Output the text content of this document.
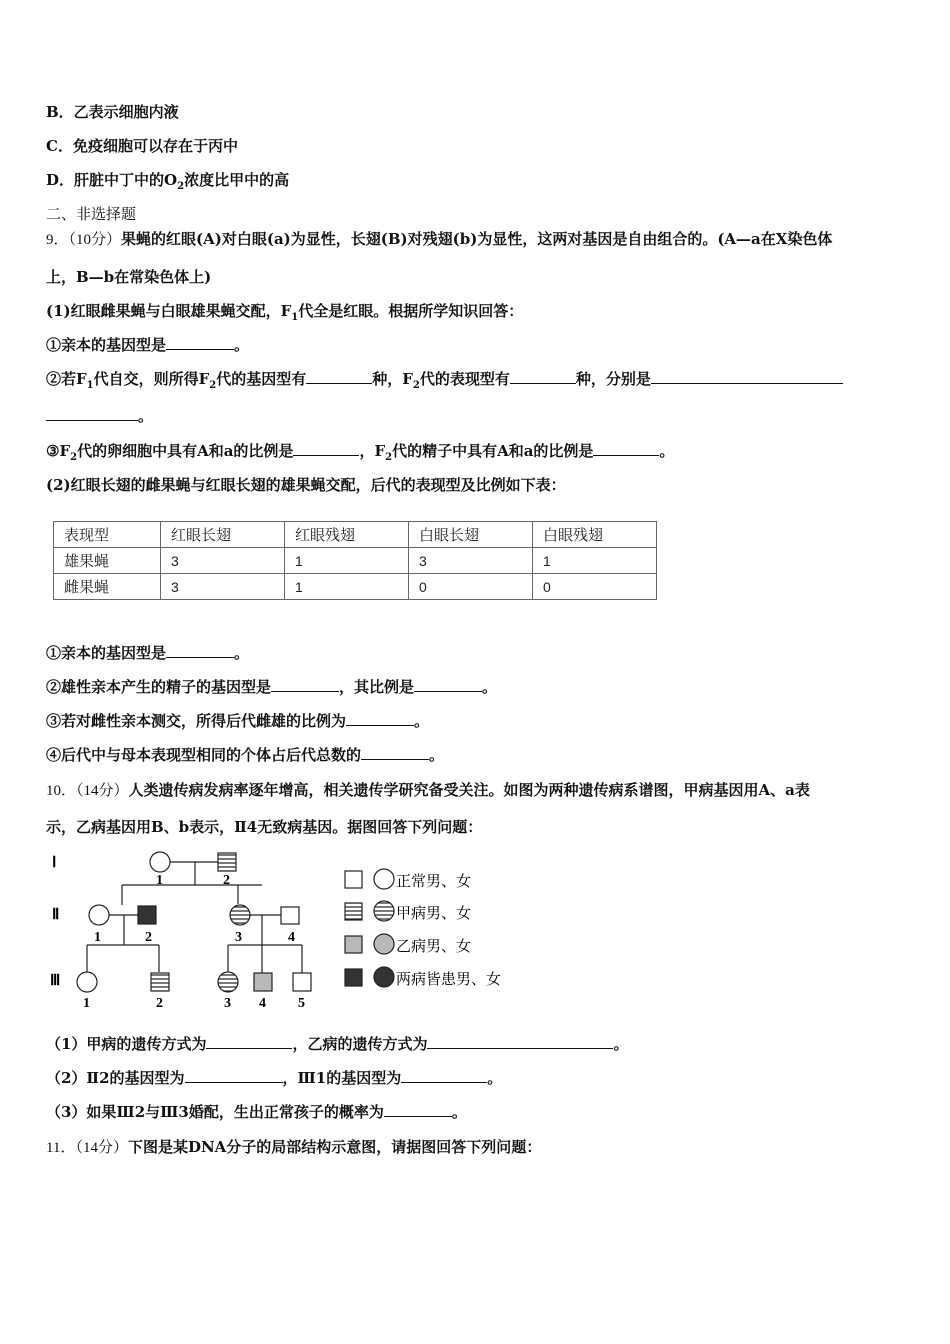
B．乙表示细胞内液
C．免疫细胞可以存在于丙中
D．肝脏中丁中的$O_2$浓度比甲中的高
二、非选择题
9．（10分）果蝇的红眼(A)对白眼(a)为显性，长翅(B)对残翅(b)为显性，这两对基因是自由组合的。(A—a在X染色体
上，B—b在常染色体上)
(1)红眼雌果蝇与白眼雄果蝇交配，$F_1$代全是红眼。根据所学知识回答：
①亲本的基因型是	。
②若$F_1$代自交，则所得$F_2$代的基因型有	种，$F_2$代的表现型有	种，分别是
。
$③F_2$代的卵细胞中具有A和a的比例是	，$F_2$代的精子中具有A和a的比例是	。
(2)红眼长翅的雌果蝇与红眼长翅的雄果蝇交配，后代的表现型及比例如下表：
表现型	红眼长翅	红眼残翅	白眼长翅	白眼残翅
雄果蝇	3	1	3	1
雌果蝇	3	1	0	0
①亲本的基因型是	。
②雄性亲本产生的精子的基因型是	，其比例是	。
③若对雌性亲本测交，所得后代雌雄的比例为	。
④后代中与母本表现型相同的个体占后代总数的	。
10．（14分）人类遗传病发病率逐年增高，相关遗传学研究备受关注。如图为两种遗传病系谱图，甲病基因用A、a表
示，乙病基因用B、b表示，Ⅱ4无致病基因。据图回答下列问题：
Ⅰ
Ⅱ
Ⅲ
1	2
1	2	3	4
1	2	3 4 5
正常男、女
甲病男、女
乙病男、女
两病皆患男、女
（1）甲病的遗传方式为	，乙病的遗传方式为	。
（2）Ⅱ2的基因型为	，Ⅲ1的基因型为	。
（3）如果Ⅲ2与Ⅲ3婚配，生出正常孩子的概率为	。
11．（14分）下图是某DNA分子的局部结构示意图，请据图回答下列问题：
